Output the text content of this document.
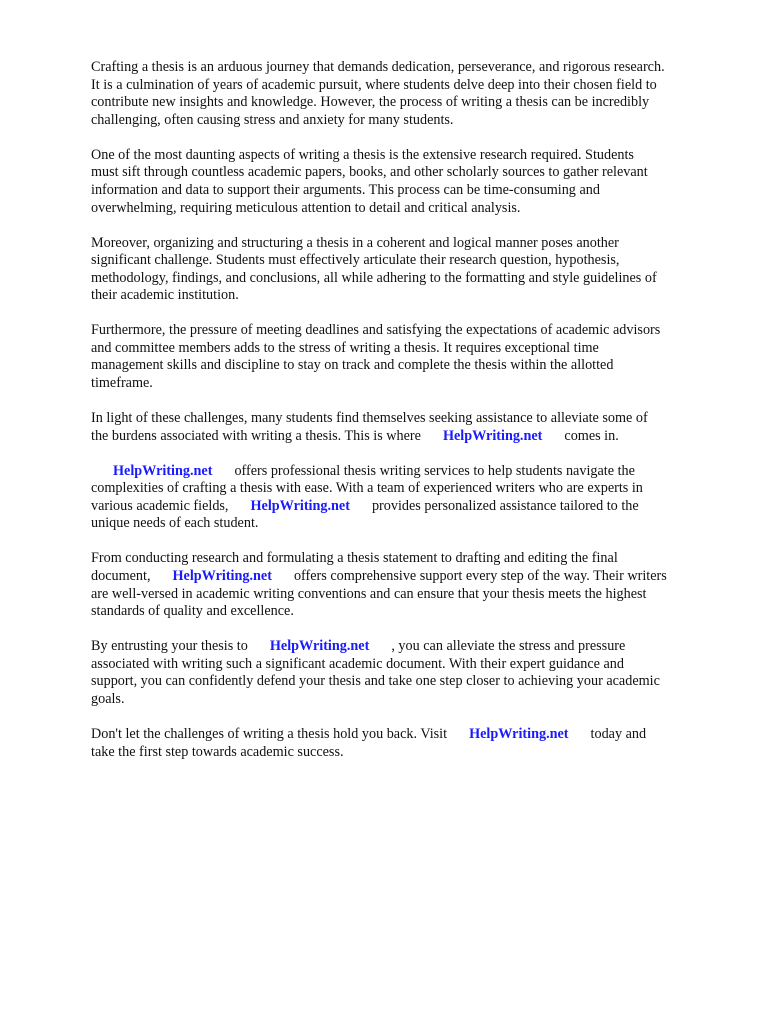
Crafting a thesis is an arduous journey that demands dedication, perseverance, and rigorous research.
It is a culmination of years of academic pursuit, where students delve deep into their chosen field to
contribute new insights and knowledge. However, the process of writing a thesis can be incredibly
challenging, often causing stress and anxiety for many students.

One of the most daunting aspects of writing a thesis is the extensive research required. Students
must sift through countless academic papers, books, and other scholarly sources to gather relevant
information and data to support their arguments. This process can be time-consuming and
overwhelming, requiring meticulous attention to detail and critical analysis.

Moreover, organizing and structuring a thesis in a coherent and logical manner poses another
significant challenge. Students must effectively articulate their research question, hypothesis,
methodology, findings, and conclusions, all while adhering to the formatting and style guidelines of
their academic institution.

Furthermore, the pressure of meeting deadlines and satisfying the expectations of academic advisors
and committee members adds to the stress of writing a thesis. It requires exceptional time
management skills and discipline to stay on track and complete the thesis within the allotted
timeframe.

In light of these challenges, many students find themselves seeking assistance to alleviate some of
the burdens associated with writing a thesis. This is where HelpWriting.net comes in.

HelpWriting.net offers professional thesis writing services to help students navigate the
complexities of crafting a thesis with ease. With a team of experienced writers who are experts in
various academic fields, HelpWriting.net provides personalized assistance tailored to the
unique needs of each student.

From conducting research and formulating a thesis statement to drafting and editing the final
document, HelpWriting.net offers comprehensive support every step of the way. Their writers
are well-versed in academic writing conventions and can ensure that your thesis meets the highest
standards of quality and excellence.

By entrusting your thesis to HelpWriting.net , you can alleviate the stress and pressure
associated with writing such a significant academic document. With their expert guidance and
support, you can confidently defend your thesis and take one step closer to achieving your academic
goals.

Don't let the challenges of writing a thesis hold you back. Visit HelpWriting.net today and
take the first step towards academic success.
